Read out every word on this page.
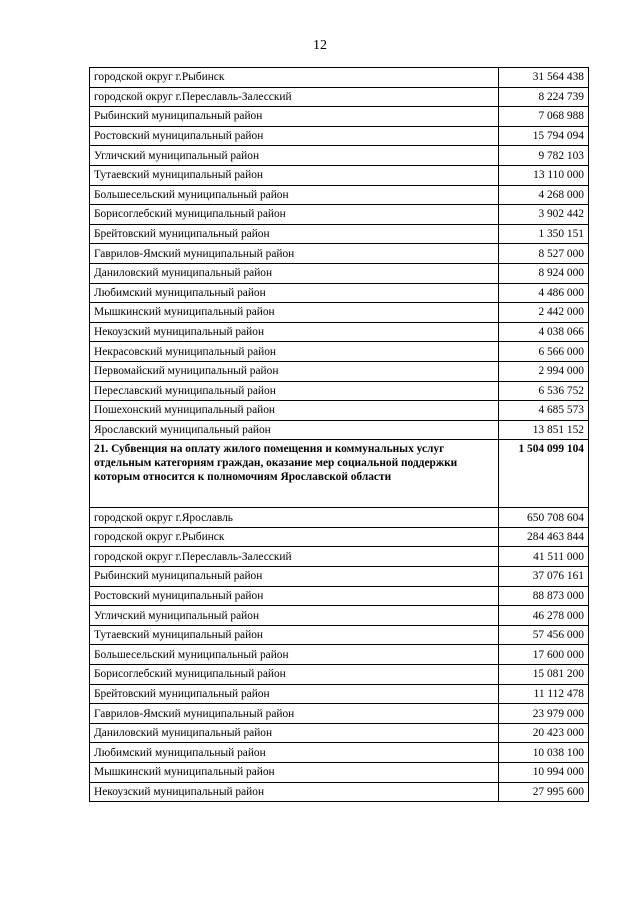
12
городской округ г.Рыбинск	31 564 438
городской округ г.Переславль-Залесский	8 224 739
Рыбинский муниципальный район	7 068 988
Ростовский муниципальный район	15 794 094
Угличский муниципальный район	9 782 103
Тутаевский муниципальный район	13 110 000
Большесельский муниципальный район	4 268 000
Борисоглебский муниципальный район	3 902 442
Брейтовский муниципальный район	1 350 151
Гаврилов-Ямский муниципальный район	8 527 000
Даниловский муниципальный район	8 924 000
Любимский муниципальный район	4 486 000
Мышкинский муниципальный район	2 442 000
Некоузский муниципальный район	4 038 066
Некрасовский муниципальный район	6 566 000
Первомайский муниципальный район	2 994 000
Переславский муниципальный район	6 536 752
Пошехонский муниципальный район	4 685 573
Ярославский муниципальный район	13 851 152
21. Субвенция на оплату жилого помещения и коммунальных услуг отдельным категориям граждан, оказание мер социальной поддержки которым относится к полномочиям Ярославской области	1 504 099 104
городской округ г.Ярославль	650 708 604
городской округ г.Рыбинск	284 463 844
городской округ г.Переславль-Залесский	41 511 000
Рыбинский муниципальный район	37 076 161
Ростовский муниципальный район	88 873 000
Угличский муниципальный район	46 278 000
Тутаевский муниципальный район	57 456 000
Большесельский муниципальный район	17 600 000
Борисоглебский муниципальный район	15 081 200
Брейтовский муниципальный район	11 112 478
Гаврилов-Ямский муниципальный район	23 979 000
Даниловский муниципальный район	20 423 000
Любимский муниципальный район	10 038 100
Мышкинский муниципальный район	10 994 000
Некоузский муниципальный район	27 995 600
